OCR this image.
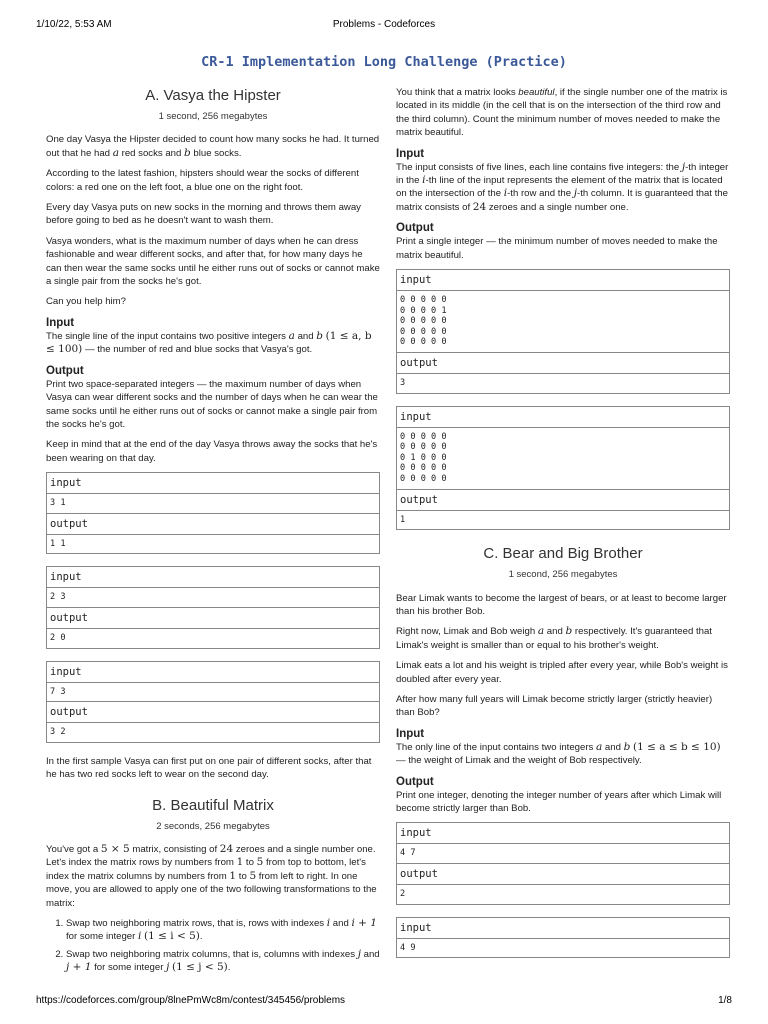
1/10/22, 5:53 AM	Problems - Codeforces
CR-1 Implementation Long Challenge (Practice)
A. Vasya the Hipster
1 second, 256 megabytes

One day Vasya the Hipster decided to count how many socks he had. It turned out that he had a red socks and b blue socks.

According to the latest fashion, hipsters should wear the socks of different colors: a red one on the left foot, a blue one on the right foot.

Every day Vasya puts on new socks in the morning and throws them away before going to bed as he doesn't want to wash them.

Vasya wonders, what is the maximum number of days when he can dress fashionable and wear different socks, and after that, for how many days he can then wear the same socks until he either runs out of socks or cannot make a single pair from the socks he's got.

Can you help him?

Input

The single line of the input contains two positive integers a and b (1 ≤ a, b ≤ 100) — the number of red and blue socks that Vasya's got.

Output

Print two space-separated integers — the maximum number of days when Vasya can wear different socks and the number of days when he can wear the same socks until he either runs out of socks or cannot make a single pair from the socks he's got.

Keep in mind that at the end of the day Vasya throws away the socks that he's been wearing on that day.

input
3 1
output
1 1
input
2 3
output
2 0
input
7 3
output
3 2

In the first sample Vasya can first put on one pair of different socks, after that he has two red socks left to wear on the second day.

B. Beautiful Matrix
2 seconds, 256 megabytes

You've got a 5 × 5 matrix, consisting of 24 zeroes and a single number one. Let's index the matrix rows by numbers from 1 to 5 from top to bottom, let's index the matrix columns by numbers from 1 to 5 from left to right. In one move, you are allowed to apply one of the two following transformations to the matrix:

1. Swap two neighboring matrix rows, that is, rows with indexes i and i + 1 for some integer i (1 ≤ i < 5).
2. Swap two neighboring matrix columns, that is, columns with indexes j and j + 1 for some integer j (1 ≤ j < 5).

You think that a matrix looks beautiful, if the single number one of the matrix is located in its middle (in the cell that is on the intersection of the third row and the third column). Count the minimum number of moves needed to make the matrix beautiful.

Input

The input consists of five lines, each line contains five integers: the j-th integer in the i-th line of the input represents the element of the matrix that is located on the intersection of the i-th row and the j-th column. It is guaranteed that the matrix consists of 24 zeroes and a single number one.

Output

Print a single integer — the minimum number of moves needed to make the matrix beautiful.

input
0 0 0 0 0
0 0 0 0 1
0 0 0 0 0
0 0 0 0 0
0 0 0 0 0
output
3
input
0 0 0 0 0
0 0 0 0 0
0 1 0 0 0
0 0 0 0 0
0 0 0 0 0
output
1
C. Bear and Big Brother
1 second, 256 megabytes

Bear Limak wants to become the largest of bears, or at least to become larger than his brother Bob.

Right now, Limak and Bob weigh a and b respectively. It's guaranteed that Limak's weight is smaller than or equal to his brother's weight.

Limak eats a lot and his weight is tripled after every year, while Bob's weight is doubled after every year.

After how many full years will Limak become strictly larger (strictly heavier) than Bob?

Input

The only line of the input contains two integers a and b (1 ≤ a ≤ b ≤ 10) — the weight of Limak and the weight of Bob respectively.

Output

Print one integer, denoting the integer number of years after which Limak will become strictly larger than Bob.

input
4 7
output
2
input
4 9
https://codeforces.com/group/8lnePmWc8m/contest/345456/problems	1/8
